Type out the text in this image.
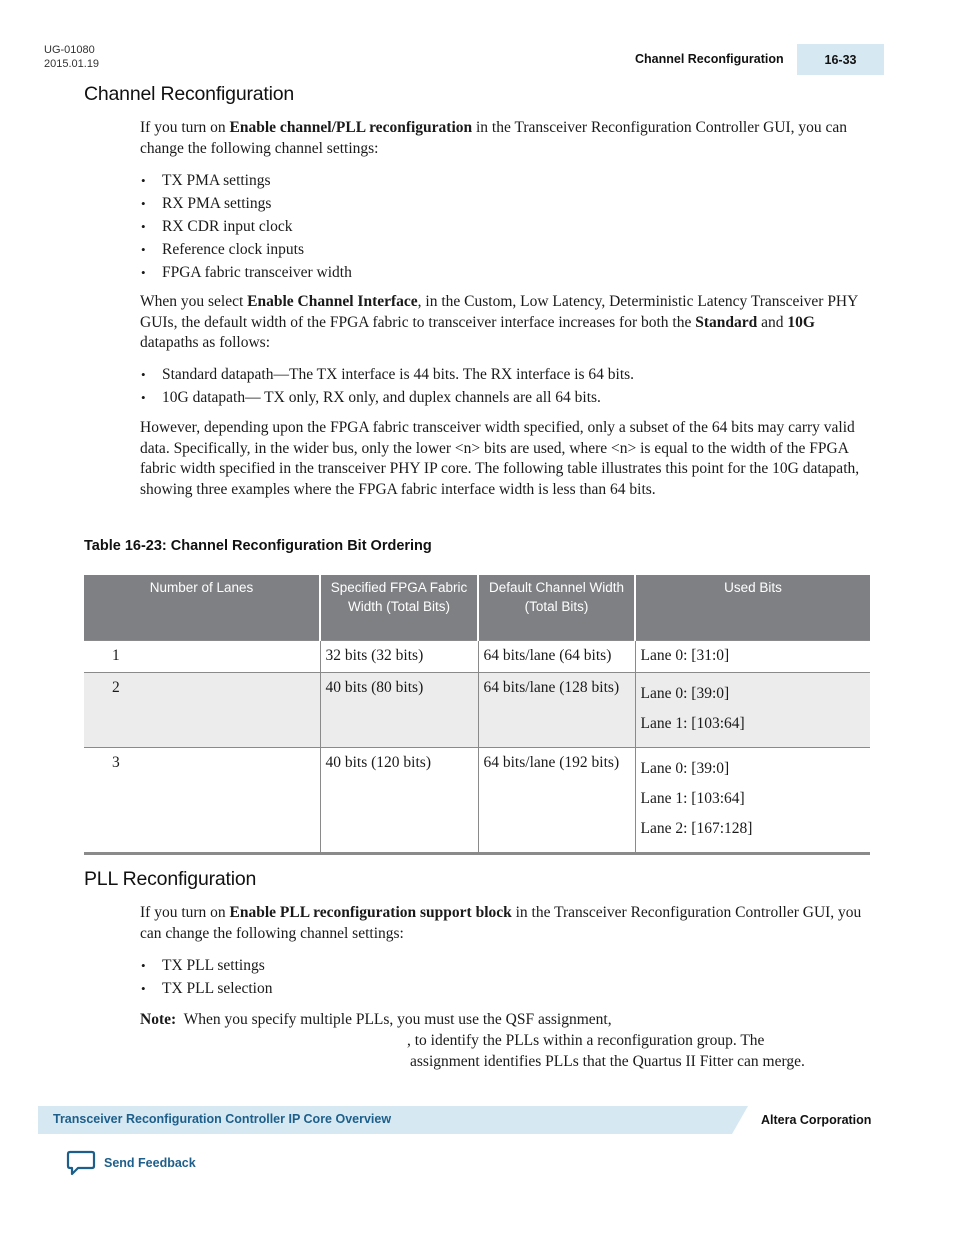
UG-01080
2015.01.19	Channel Reconfiguration	16-33
Channel Reconfiguration

If you turn on Enable channel/PLL reconfiguration in the Transceiver Reconfiguration Controller GUI, you can change the following channel settings:

• TX PMA settings
• RX PMA settings
• RX CDR input clock
• Reference clock inputs
• FPGA fabric transceiver width

When you select Enable Channel Interface, in the Custom, Low Latency, Deterministic Latency Transceiver PHY GUIs, the default width of the FPGA fabric to transceiver interface increases for both the Standard and 10G datapaths as follows:

• Standard datapath—The TX interface is 44 bits. The RX interface is 64 bits.
• 10G datapath— TX only, RX only, and duplex channels are all 64 bits.

However, depending upon the FPGA fabric transceiver width specified, only a subset of the 64 bits may carry valid data. Specifically, in the wider bus, only the lower <n> bits are used, where <n> is equal to the width of the FPGA fabric width specified in the transceiver PHY IP core. The following table illustrates this point for the 10G datapath, showing three examples where the FPGA fabric interface width is less than 64 bits.

Table 16-23: Channel Reconfiguration Bit Ordering
Number of Lanes	Specified FPGA Fabric Width (Total Bits)	Default Channel Width (Total Bits)	Used Bits
1	32 bits (32 bits)	64 bits/lane (64 bits)	Lane 0: [31:0]

2	40 bits (80 bits)	64 bits/lane (128 bits)	Lane 0: [39:0]
Lane 1: [103:64]

3	40 bits (120 bits)	64 bits/lane (192 bits)	Lane 0: [39:0]
Lane 1: [103:64]
Lane 2: [167:128]
PLL Reconfiguration

If you turn on Enable PLL reconfiguration support block in the Transceiver Reconfiguration Controller GUI, you can change the following channel settings:

• TX PLL settings
• TX PLL selection
Note: When you specify multiple PLLs, you must use the QSF assignment,
, to identify the PLLs within a reconfiguration group. The
assignment identifies PLLs that the Quartus II Fitter can merge.
Transceiver Reconfiguration Controller IP Core Overview	Altera Corporation
Send Feedback
